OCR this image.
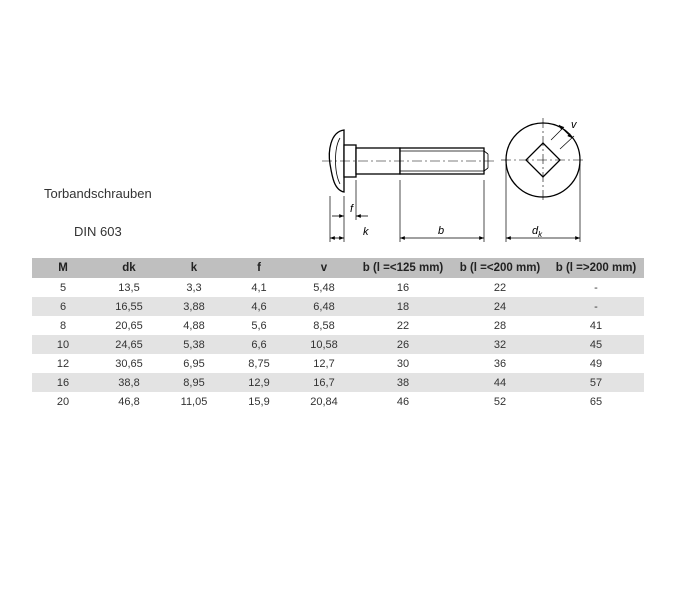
Torbandschrauben
DIN 603
f
k	b	$d_k$
v
M	dk	k	f	v	b (l =<125 mm)	b (l =<200 mm)	b (l =>200 mm)
5	13,5	3,3	4,1	5,48	16	22	-
6	16,55	3,88	4,6	6,48	18	24	-
8	20,65	4,88	5,6	8,58	22	28	41
10	24,65	5,38	6,6	10,58	26	32	45
12	30,65	6,95	8,75	12,7	30	36	49
16	38,8	8,95	12,9	16,7	38	44	57
20	46,8	11,05	15,9	20,84	46	52	65
